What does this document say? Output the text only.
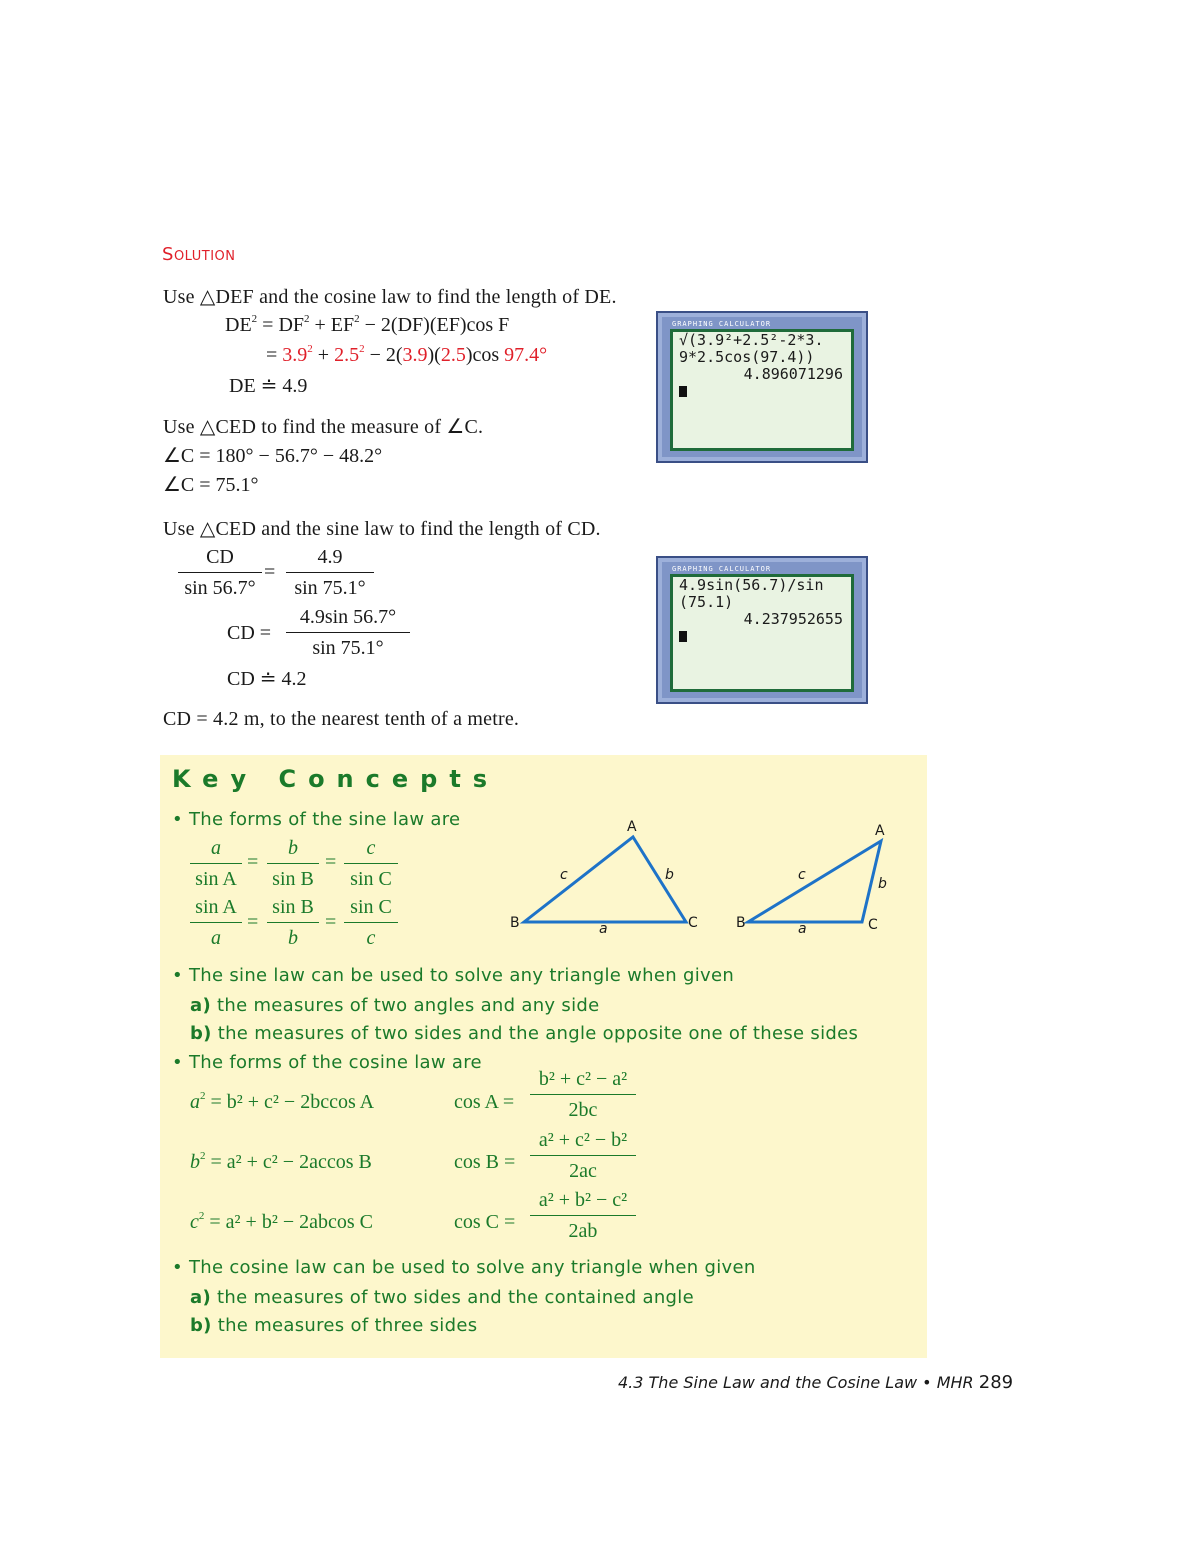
SOLUTION
Use △DEF and the cosine law to find the length of DE.
$DE^2 = DF^2 + EF^2 - 2(DF)(EF)\cos$ F
= $3.9^2 + 2.5^2 - 2(3.9)(2.5)\cos$ 97.4°
DE ≐ 4.9
Use △CED to find the measure of ∠C.
∠C = 180° − 56.7° − 48.2°
∠C = 75.1°
Use △CED and the sine law to find the length of CD.
$\frac{CD}{\sin 56.7^\circ} = \frac{4.9}{\sin 75.1^\circ}$
CD = $\frac{4.9\sin 56.7^\circ}{\sin 75.1^\circ}$
CD ≐ 4.2
CD = 4.2 m, to the nearest tenth of a metre.
GRAPHING CALCULATOR
√(3.9²+2.5²-2*3.
9*2.5cos(97.4))
4.896071296
GRAPHING CALCULATOR
4.9sin(56.7)/sin
(75.1)
4.237952655
Key Concepts
• The forms of the sine law are
$\frac{a}{\text{sin A}} = \frac{b}{\text{sin B}} = \frac{c}{\text{sin C}}$
$\frac{\text{sin A}}{a} = \frac{\text{sin B}}{b} = \frac{\text{sin C}}{c}$
A
B	C
c	b
a
A
B	C
c
b
a
• The sine law can be used to solve any triangle when given
a) the measures of two angles and any side
b) the measures of two sides and the angle opposite one of these sides
• The forms of the cosine law are
$a^2 = b^2 + c^2 - 2bccos$ A	$\cos A = \frac{\text{b² + c² − a²}}{2bc}$
$b^2 = a^2 + c^2 - 2accos$ B	$\cos B = \frac{\text{a² + c² − b²}}{2ac}$
$c^2 = a^2 + b^2 - 2abcos$ C	$\cos C = \frac{\text{a² + b² − c²}}{2ab}$
• The cosine law can be used to solve any triangle when given
a) the measures of two sides and the contained angle
b) the measures of three sides
4.3 The Sine Law and the Cosine Law • MHR 289
